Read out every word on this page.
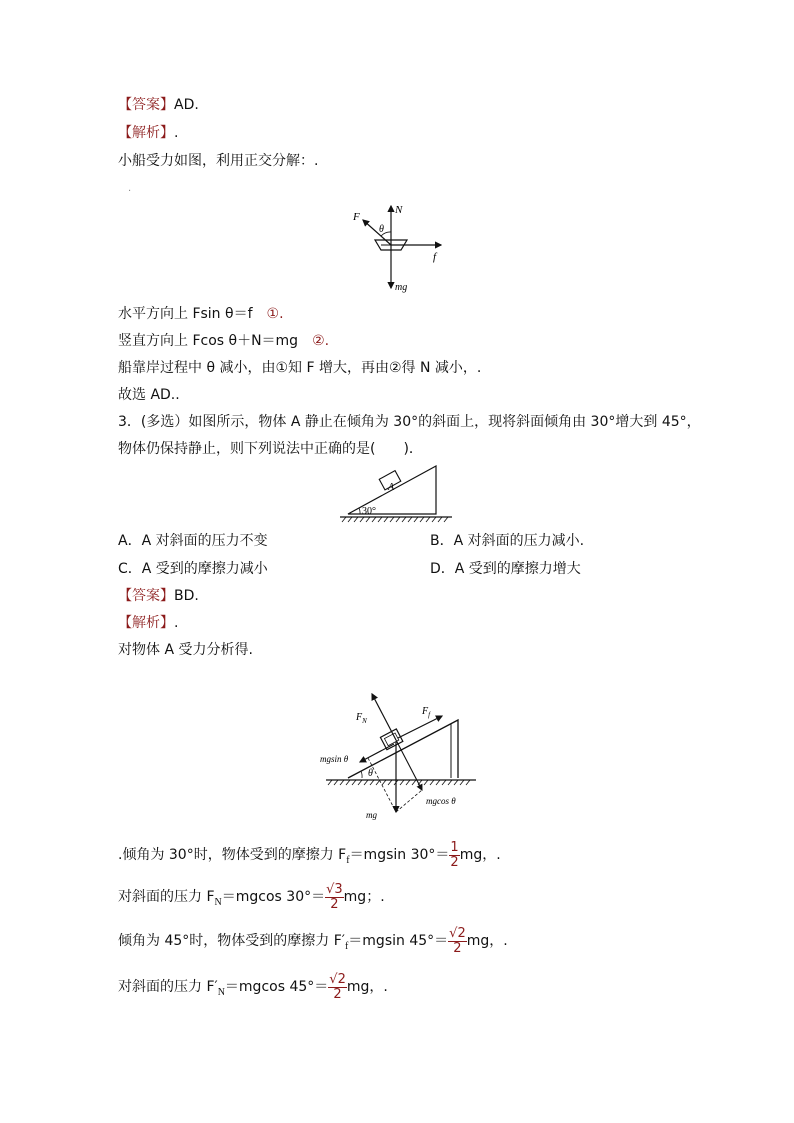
【答案】AD.
【解析】.
小船受力如图，利用正交分解：.
.
F
N
θ
f
mg
水平方向上 Fsin θ＝f ①.
竖直方向上 Fcos θ＋N＝mg ②.
船靠岸过程中 θ 减小，由①知 F 增大，再由②得 N 减小，.
故选 AD..
3．(多选）如图所示，物体 A 静止在倾角为 30°的斜面上，现将斜面倾角由 30°增大到 45°，
物体仍保持静止，则下列说法中正确的是(　　)．
A
30°
A．A 对斜面的压力不变	B．A 对斜面的压力减小.
C．A 受到的摩擦力减小	D．A 受到的摩擦力增大
【答案】BD.
【解析】.
对物体 A 受力分析得.
θ
$F_N$
$F_f$
mgsin θ
mgcos θ
mg
.倾角为 30°时，物体受到的摩擦力 $F_f=mgsin$ $30^\circ= \frac{1}{2}$ mg，.
对斜面的压力 $F_N=mgcos$ $30^\circ= \frac{√3}{2}$ mg；.
倾角为 45°时，物体受到的摩擦力 $F'_f=mgsin$ $45^\circ= \frac{√2}{2}$ mg，.
对斜面的压力 $F'_N=mgcos$ $45^\circ= \frac{√2}{2}$ mg，.
